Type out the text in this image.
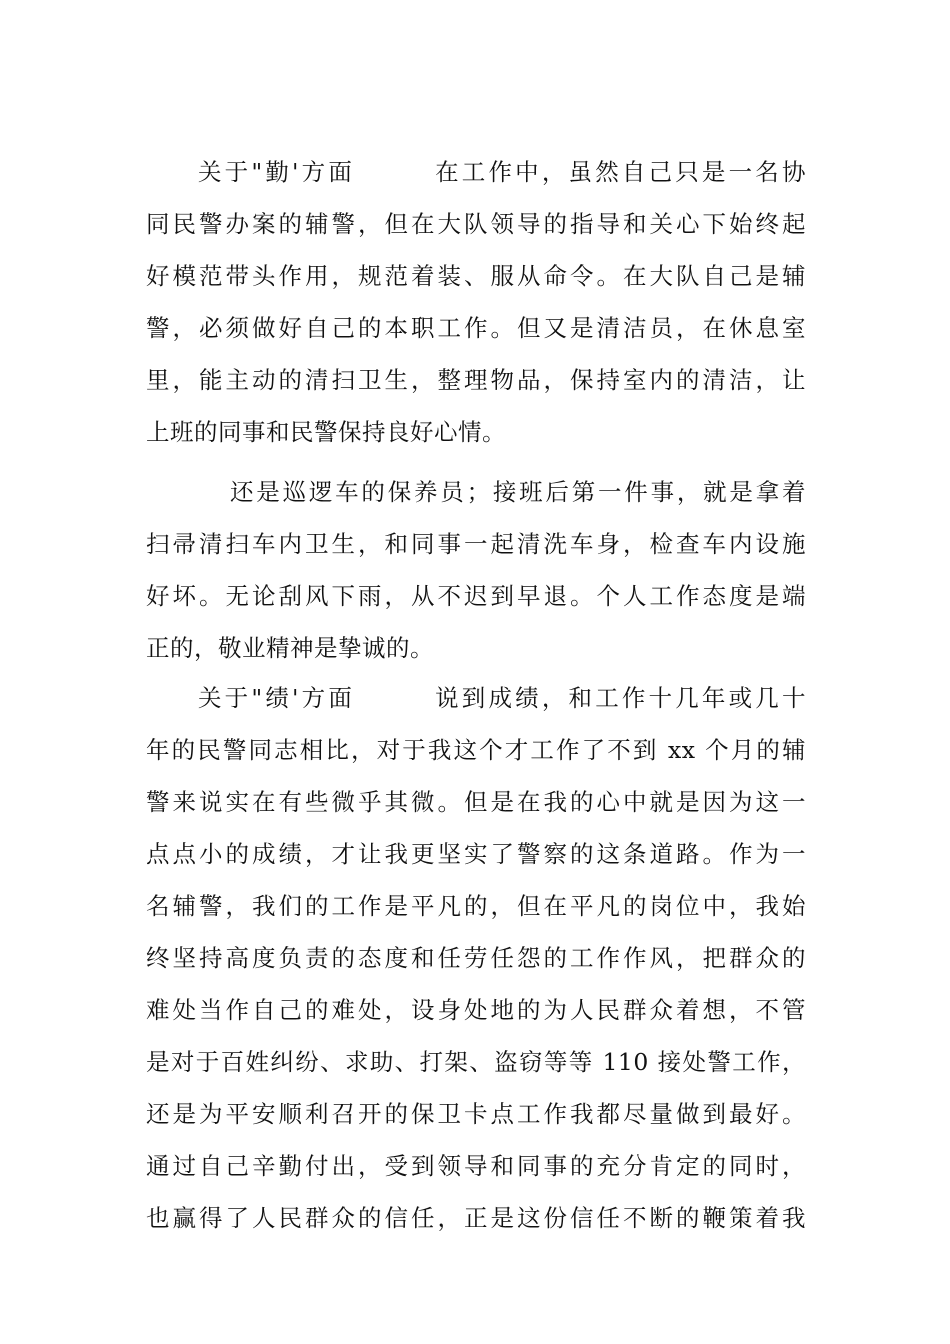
关于"勤'方面　　　在工作中，虽然自己只是一名协
同民警办案的辅警，但在大队领导的指导和关心下始终起
好模范带头作用，规范着装、服从命令。在大队自己是辅
警，必须做好自己的本职工作。但又是清洁员，在休息室
里，能主动的清扫卫生，整理物品，保持室内的清洁，让
上班的同事和民警保持良好心情。
还是巡逻车的保养员；接班后第一件事，就是拿着
扫帚清扫车内卫生，和同事一起清洗车身，检查车内设施
好坏。无论刮风下雨，从不迟到早退。个人工作态度是端
正的，敬业精神是挚诚的。
关于"绩'方面　　　说到成绩，和工作十几年或几十
年的民警同志相比，对于我这个才工作了不到 xx 个月的辅
警来说实在有些微乎其微。但是在我的心中就是因为这一
点点小的成绩，才让我更坚实了警察的这条道路。作为一
名辅警，我们的工作是平凡的，但在平凡的岗位中，我始
终坚持高度负责的态度和任劳任怨的工作作风，把群众的
难处当作自己的难处，设身处地的为人民群众着想，不管
是对于百姓纠纷、求助、打架、盗窃等等 110 接处警工作，
还是为平安顺利召开的保卫卡点工作我都尽量做到最好。
通过自己辛勤付出，受到领导和同事的充分肯定的同时，
也赢得了人民群众的信任，正是这份信任不断的鞭策着我
